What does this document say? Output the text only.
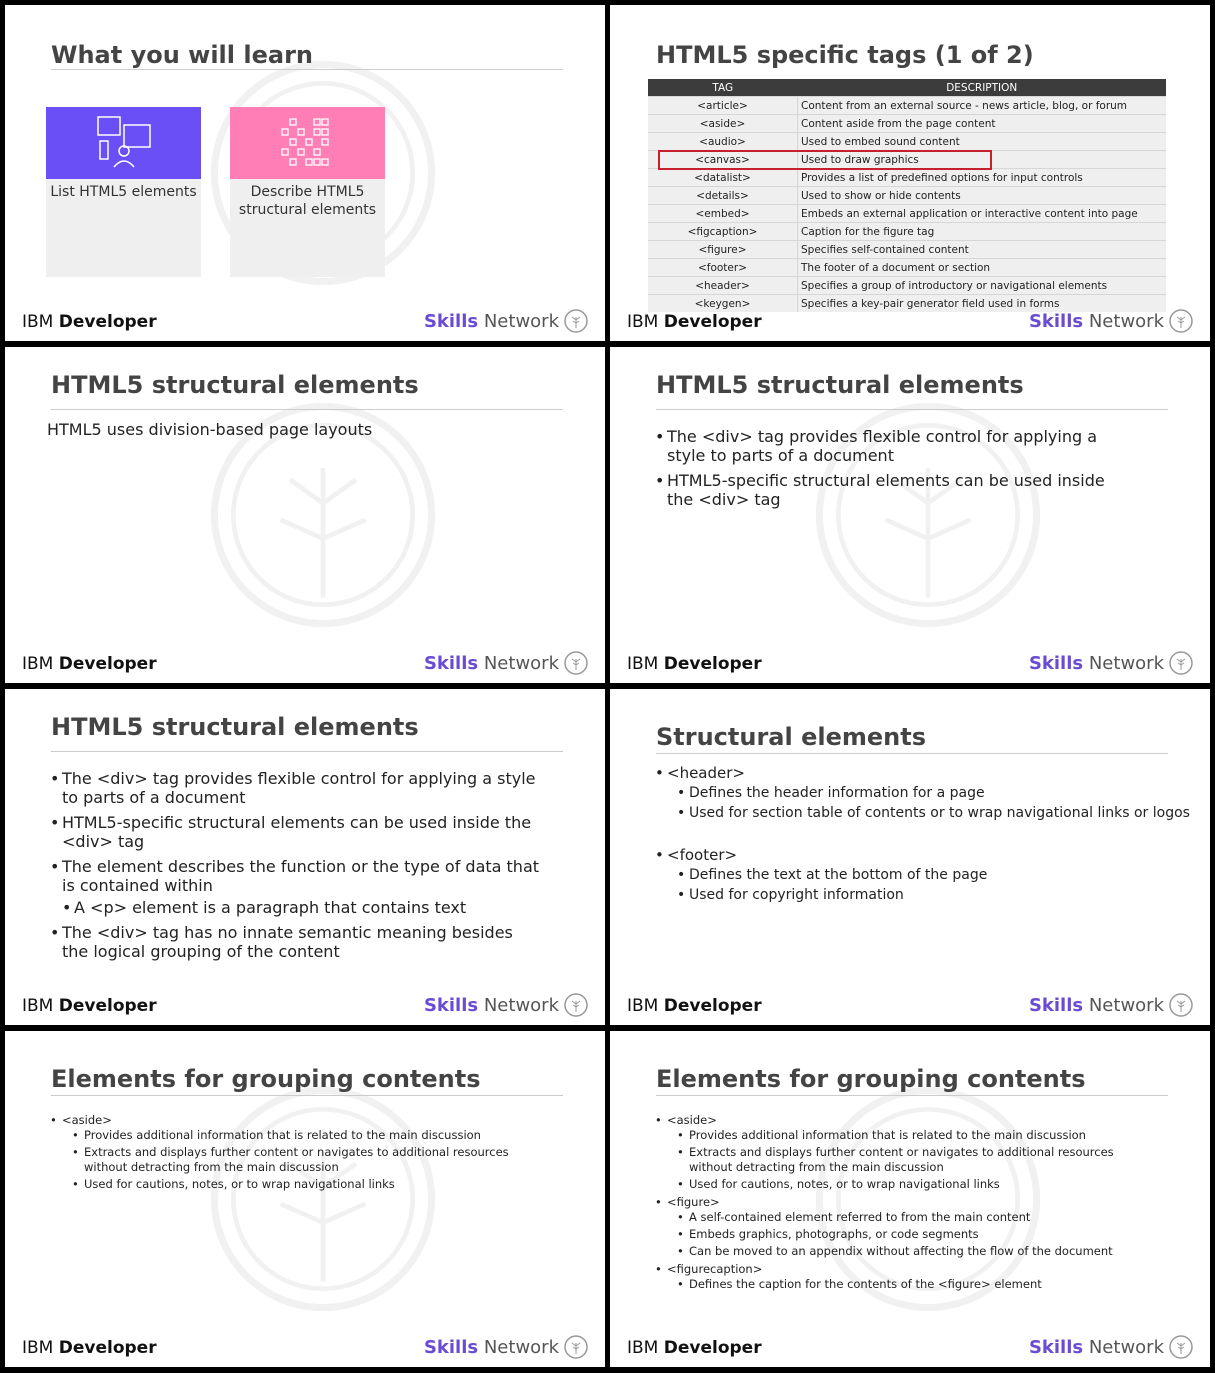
What you will learn
List HTML5 elements	Describe HTML5 structural elements
IBM Developer	Skills Network
HTML5 specific tags (1 of 2)
TAG	DESCRIPTION
<article>	Content from an external source - news article, blog, or forum
<aside>	Content aside from the page content
<audio>	Used to embed sound content
<canvas>	Used to draw graphics
<datalist>	Provides a list of predefined options for input controls
<details>	Used to show or hide contents
<embed>	Embeds an external application or interactive content into page
<figcaption>	Caption for the figure tag
<figure>	Specifies self-contained content
<footer>	The footer of a document or section
<header>	Specifies a group of introductory or navigational elements
<keygen>	Specifies a key-pair generator field used in forms
IBM Developer	Skills Network
HTML5 structural elements
HTML5 uses division-based page layouts
IBM Developer	Skills Network
HTML5 structural elements
• The <div> tag provides flexible control for applying a style to parts of a document
• HTML5-specific structural elements can be used inside the <div> tag
IBM Developer	Skills Network
HTML5 structural elements
• The <div> tag provides flexible control for applying a style to parts of a document
• HTML5-specific structural elements can be used inside the <div> tag
• The element describes the function or the type of data that is contained within
• A <p> element is a paragraph that contains text
• The <div> tag has no innate semantic meaning besides the logical grouping of the content
IBM Developer	Skills Network
Structural elements
• <header>
• Defines the header information for a page
• Used for section table of contents or to wrap navigational links or logos
• <footer>
• Defines the text at the bottom of the page
• Used for copyright information
IBM Developer	Skills Network
Elements for grouping contents
• <aside>
• Provides additional information that is related to the main discussion
• Extracts and displays further content or navigates to additional resources without detracting from the main discussion
• Used for cautions, notes, or to wrap navigational links
IBM Developer	Skills Network
Elements for grouping contents
• <aside>
• Provides additional information that is related to the main discussion
• Extracts and displays further content or navigates to additional resources without detracting from the main discussion
• Used for cautions, notes, or to wrap navigational links
• <figure>
• A self-contained element referred to from the main content
• Embeds graphics, photographs, or code segments
• Can be moved to an appendix without affecting the flow of the document
• <figurecaption>
• Defines the caption for the contents of the <figure> element
IBM Developer	Skills Network
